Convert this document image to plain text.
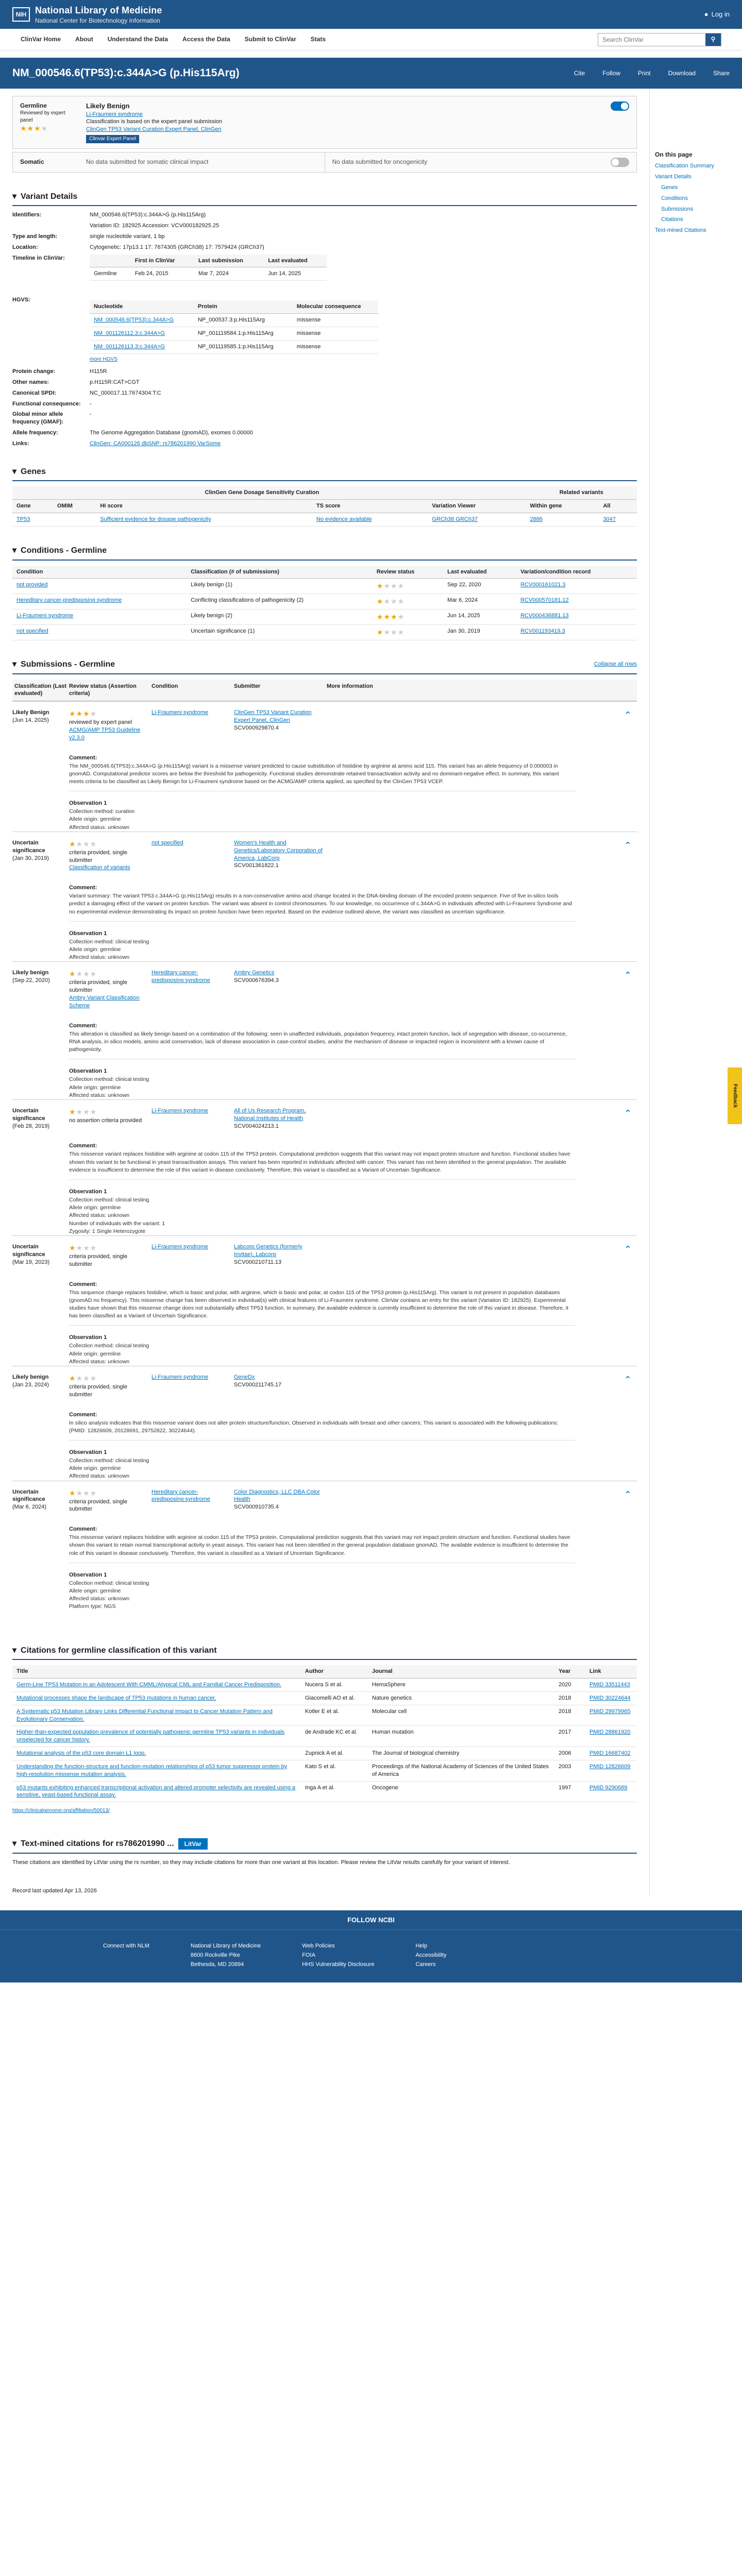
NIH National Library of Medicine
National Center for Biotechnology Information
● Log in
ClinVar Home About Understand the Data Access the Data Submit to ClinVar Stats
Search ClinVar	⚲
NM_000546.6(TP53):c.344A>G (p.His115Arg)	Cite	Follow	Print	Download	Share
Germline
Reviewed by expert panel
★★★★
Likely Benign
Li-Fraumeni syndrome
Classification is based on the expert panel submission
ClinGen TP53 Variant Curation Expert Panel, ClinGen
Clinvar Expert Panel
Somatic	No data submitted for somatic clinical impact	No data submitted for oncogenicity
▾ Variant Details
Identifiers:	NM_000546.6(TP53):c.344A>G (p.His115Arg)
Variation ID: 182925 Accession: VCV000182925.25
Type and length:	single nucleotide variant, 1 bp
Location:	Cytogenetic: 17p13.1 17: 7674305 (GRCh38) 17: 7579424 (GRCh37)
Timeline in ClinVar:
		First in ClinVar	Last submission	Last evaluated
Germline	Feb 24, 2015	Mar 7, 2024	Jun 14, 2025
HGVS:
Nucleotide	Protein	Molecular consequence
NM_000546.6(TP53):c.344A>G	NP_000537.3:p.His115Arg	missense
NM_001126112.3:c.344A>G	NP_001119584.1:p.His115Arg	missense
NM_001126113.3:c.344A>G	NP_001119585.1:p.His115Arg	missense
more HGVS
Protein change:	H115R
Other names:	p.H115R:CAT>CGT
Canonical SPDI:	NC_000017.11:7674304:T:C
Functional consequence:	-
Global minor allele frequency (GMAF):
-
Allele frequency:	The Genome Aggregation Database (gnomAD), exomes 0.00000
Links:	ClinGen: CA000126 dbSNP: rs786201990 VarSome
▾ Genes
		ClinGen Gene Dosage Sensitivity Curation			Related variants	
Gene	OMIM	HI score	TS score	Variation Viewer	Within gene	All
TP53		Sufficient evidence for dosage pathogenicity	No evidence available	GRCh38 GRCh37	2886	3047
▾ Conditions - Germline
Condition	Classification (# of submissions)	Review status	Last evaluated	Variation/condition record
not provided	Likely benign (1)	★★★★	Sep 22, 2020	RCV000161021.3
Hereditary cancer-predisposing syndrome	Conflicting classifications of pathogenicity (2)	★★★★	Mar 6, 2024	RCV000570181.12
Li-Fraumeni syndrome	Likely benign (2)	★★★★	Jun 14, 2025	RCV000436881.13
not specified	Uncertain significance (1)	★★★★	Jan 30, 2019	RCV001193419.3
▾ Submissions - Germline	Collapse all rows
Classification (Last evaluated)
Review status (Assertion criteria)
Condition	Submitter	More information
Likely Benign
(Jun 14, 2025)
★★★★
reviewed by expert panel
ACMG/AMP TP53 Guideline v2.3.0
Li-Fraumeni syndrome	ClinGen TP53 Variant Curation Expert Panel, ClinGen
SCV000929870.4
⌃
Comment:
The NM_000546.6(TP53):c.344A>G (p.His115Arg) variant is a missense variant predicted to cause substitution of histidine by arginine at amino acid 115. This variant has an allele frequency of 0.000003 in gnomAD. Computational predictor scores are below the threshold for pathogenicity. Functional studies demonstrate retained transactivation activity and no dominant-negative effect. In summary, this variant meets criteria to be classified as Likely Benign for Li-Fraumeni syndrome based on the ACMG/AMP criteria applied, as specified by the ClinGen TP53 VCEP.
Observation 1
Collection method: curation
Allele origin: germline
Affected status: unknown
Uncertain significance
(Jan 30, 2019)
★★★★
criteria provided, single submitter
Classification of variants
not specified	Women's Health and Genetics/Laboratory Corporation of America, LabCorp
SCV001361822.1
⌃
Comment:
Variant summary: The variant TP53 c.344A>G (p.His115Arg) results in a non-conservative amino acid change located in the DNA-binding domain of the encoded protein sequence. Five of five in-silico tools predict a damaging effect of the variant on protein function. The variant was absent in control chromosomes. To our knowledge, no occurrence of c.344A>G in individuals affected with Li-Fraumeni Syndrome and no experimental evidence demonstrating its impact on protein function have been reported. Based on the evidence outlined above, the variant was classified as uncertain significance.
Observation 1
Collection method: clinical testing
Allele origin: germline
Affected status: unknown
Likely benign
(Sep 22, 2020)
★★★★
criteria provided, single submitter
Ambry Variant Classification Scheme
Hereditary cancer-predisposing syndrome
Ambry Genetics
SCV000676394.3	⌃
Comment:
This alteration is classified as likely benign based on a combination of the following: seen in unaffected individuals, population frequency, intact protein function, lack of segregation with disease, co-occurrence, RNA analysis, in silico models, amino acid conservation, lack of disease association in case-control studies, and/or the mechanism of disease or impacted region is inconsistent with a known cause of pathogenicity.
Observation 1
Collection method: clinical testing
Allele origin: germline
Affected status: unknown
Uncertain significance
(Feb 28, 2019)
★★★★
no assertion criteria provided
Li-Fraumeni syndrome	All of Us Research Program, National Institutes of Health
SCV004024213.1
⌃
Comment:
This missense variant replaces histidine with arginine at codon 115 of the TP53 protein. Computational prediction suggests that this variant may not impact protein structure and function. Functional studies have shown this variant to be functional in yeast transactivation assays. This variant has been reported in individuals affected with cancer. This variant has not been identified in the general population. The available evidence is insufficient to determine the role of this variant in disease conclusively. Therefore, this variant is classified as a Variant of Uncertain Significance.
Observation 1
Collection method: clinical testing
Allele origin: germline
Affected status: unknown
Number of individuals with the variant: 1
Zygosity: 1 Single Heterozygote
Uncertain significance
(Mar 19, 2023)
★★★★
criteria provided, single submitter
Li-Fraumeni syndrome	Labcorp Genetics (formerly Invitae), Labcorp
SCV000210711.13
⌃
Comment:
This sequence change replaces histidine, which is basic and polar, with arginine, which is basic and polar, at codon 115 of the TP53 protein (p.His115Arg). This variant is not present in population databases (gnomAD no frequency). This missense change has been observed in individual(s) with clinical features of Li-Fraumeni syndrome. ClinVar contains an entry for this variant (Variation ID: 182925). Experimental studies have shown that this missense change does not substantially affect TP53 function. In summary, the available evidence is currently insufficient to determine the role of this variant in disease. Therefore, it has been classified as a Variant of Uncertain Significance.
Observation 1
Collection method: clinical testing
Allele origin: germline
Affected status: unknown
Likely benign
(Jan 23, 2024)
★★★★
criteria provided, single submitter
Li-Fraumeni syndrome	GeneDx
SCV000211745.17	⌃
Comment:
In silico analysis indicates that this missense variant does not alter protein structure/function; Observed in individuals with breast and other cancers; This variant is associated with the following publications: (PMID: 12826609, 20128691, 29752822, 30224644).
Observation 1
Collection method: clinical testing
Allele origin: germline
Affected status: unknown
Uncertain significance
(Mar 6, 2024)
★★★★
criteria provided, single submitter
Hereditary cancer-predisposing syndrome
Color Diagnostics, LLC DBA Color Health
SCV000910735.4
⌃
Comment:
This missense variant replaces histidine with arginine at codon 115 of the TP53 protein. Computational prediction suggests that this variant may not impact protein structure and function. Functional studies have shown this variant to retain normal transcriptional activity in yeast assays. This variant has not been identified in the general population database gnomAD. The available evidence is insufficient to determine the role of this variant in disease conclusively. Therefore, this variant is classified as a Variant of Uncertain Significance.
Observation 1
Collection method: clinical testing
Allele origin: germline
Affected status: unknown
Platform type: NGS
▾ Citations for germline classification of this variant
Title	Author	Journal	Year	Link
Germ-Line TP53 Mutation in an Adolescent With CMML/Atypical CML and Familial Cancer Predisposition.	Nucera S et al.	HemaSphere	2020	PMID 33511443
Mutational processes shape the landscape of TP53 mutations in human cancer.	Giacomelli AO et al.	Nature genetics	2018	PMID 30224644
A Systematic p53 Mutation Library Links Differential Functional Impact to Cancer Mutation Pattern and Evolutionary Conservation.	Kotler E et al.	Molecular cell	2018	PMID 29979965
Higher-than-expected population prevalence of potentially pathogenic germline TP53 variants in individuals unselected for cancer history.	de Andrade KC et al.	Human mutation	2017	PMID 28861920
Mutational analysis of the p53 core domain L1 loop.	Zupnick A et al.	The Journal of biological chemistry	2006	PMID 16687402
Understanding the function-structure and function-mutation relationships of p53 tumor suppressor protein by high-resolution missense mutation analysis.	Kato S et al.	Proceedings of the National Academy of Sciences of the United States of America	2003	PMID 12826609
p53 mutants exhibiting enhanced transcriptional activation and altered promoter selectivity are revealed using a sensitive, yeast-based functional assay.	Inga A et al.	Oncogene	1997	PMID 9290689
https://clinicalgenome.org/affiliation/50013/
▾ Text-mined citations for rs786201990 ...	LitVar
These citations are identified by LitVar using the rs number, so they may include citations for more than one variant at this location. Please review the LitVar results carefully for your variant of interest.
Record last updated Apr 13, 2026
On this page
Classification Summary
Variant Details
Genes
Conditions
Submissions
Citations
Text-mined Citations
Feedback
FOLLOW NCBI
Connect with NLM	National Library of Medicine
8600 Rockville Pike
Bethesda, MD 20894
Web Policies
FOIA
HHS Vulnerability Disclosure
Help
Accessibility
Careers
